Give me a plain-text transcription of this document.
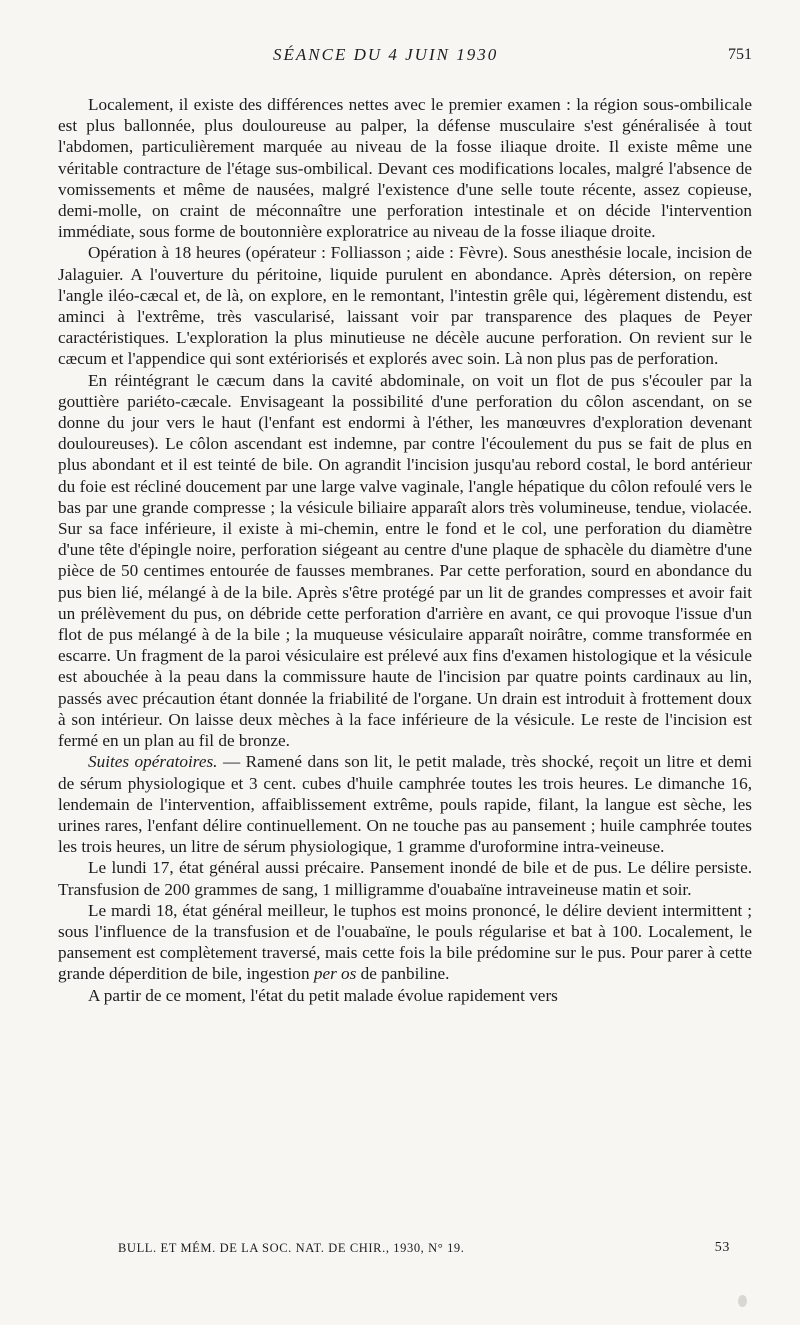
SÉANCE DU 4 JUIN 1930	751

Localement, il existe des différences nettes avec le premier examen : la région sous-ombilicale est plus ballonnée, plus douloureuse au palper, la défense musculaire s'est généralisée à tout l'abdomen, particulièrement marquée au niveau de la fosse iliaque droite. Il existe même une véritable contracture de l'étage sus-ombilical. Devant ces modifications locales, malgré l'absence de vomissements et même de nausées, malgré l'existence d'une selle toute récente, assez copieuse, demi-molle, on craint de méconnaître une perforation intestinale et on décide l'intervention immédiate, sous forme de boutonnière exploratrice au niveau de la fosse iliaque droite.

Opération à 18 heures (opérateur : Folliasson ; aide : Fèvre). Sous anesthésie locale, incision de Jalaguier. A l'ouverture du péritoine, liquide purulent en abondance. Après détersion, on repère l'angle iléo-cæcal et, de là, on explore, en le remontant, l'intestin grêle qui, légèrement distendu, est aminci à l'extrême, très vascularisé, laissant voir par transparence des plaques de Peyer caractéristiques. L'exploration la plus minutieuse ne décèle aucune perforation. On revient sur le cæcum et l'appendice qui sont extériorisés et explorés avec soin. Là non plus pas de perforation.

En réintégrant le cæcum dans la cavité abdominale, on voit un flot de pus s'écouler par la gouttière pariéto-cæcale. Envisageant la possibilité d'une perforation du côlon ascendant, on se donne du jour vers le haut (l'enfant est endormi à l'éther, les manœuvres d'exploration devenant douloureuses). Le côlon ascendant est indemne, par contre l'écoulement du pus se fait de plus en plus abondant et il est teinté de bile. On agrandit l'incision jusqu'au rebord costal, le bord antérieur du foie est récliné doucement par une large valve vaginale, l'angle hépatique du côlon refoulé vers le bas par une grande compresse ; la vésicule biliaire apparaît alors très volumineuse, tendue, violacée. Sur sa face inférieure, il existe à mi-chemin, entre le fond et le col, une perforation du diamètre d'une tête d'épingle noire, perforation siégeant au centre d'une plaque de sphacèle du diamètre d'une pièce de 50 centimes entourée de fausses membranes. Par cette perforation, sourd en abondance du pus bien lié, mélangé à de la bile. Après s'être protégé par un lit de grandes compresses et avoir fait un prélèvement du pus, on débride cette perforation d'arrière en avant, ce qui provoque l'issue d'un flot de pus mélangé à de la bile ; la muqueuse vésiculaire apparaît noirâtre, comme transformée en escarre. Un fragment de la paroi vésiculaire est prélevé aux fins d'examen histologique et la vésicule est abouchée à la peau dans la commissure haute de l'incision par quatre points cardinaux au lin, passés avec précaution étant donnée la friabilité de l'organe. Un drain est introduit à frottement doux à son intérieur. On laisse deux mèches à la face inférieure de la vésicule. Le reste de l'incision est fermé en un plan au fil de bronze.

Suites opératoires. — Ramené dans son lit, le petit malade, très shocké, reçoit un litre et demi de sérum physiologique et 3 cent. cubes d'huile camphrée toutes les trois heures. Le dimanche 16, lendemain de l'intervention, affaiblissement extrême, pouls rapide, filant, la langue est sèche, les urines rares, l'enfant délire continuellement. On ne touche pas au pansement ; huile camphrée toutes les trois heures, un litre de sérum physiologique, 1 gramme d'uroformine intra-veineuse.

Le lundi 17, état général aussi précaire. Pansement inondé de bile et de pus. Le délire persiste. Transfusion de 200 grammes de sang, 1 milligramme d'ouabaïne intraveineuse matin et soir.

Le mardi 18, état général meilleur, le tuphos est moins prononcé, le délire devient intermittent ; sous l'influence de la transfusion et de l'ouabaïne, le pouls régularise et bat à 100. Localement, le pansement est complètement traversé, mais cette fois la bile prédomine sur le pus. Pour parer à cette grande déperdition de bile, ingestion per os de panbiline.

A partir de ce moment, l'état du petit malade évolue rapidement vers

BULL. ET MÉM. DE LA SOC. NAT. DE CHIR., 1930, N° 19.	53
